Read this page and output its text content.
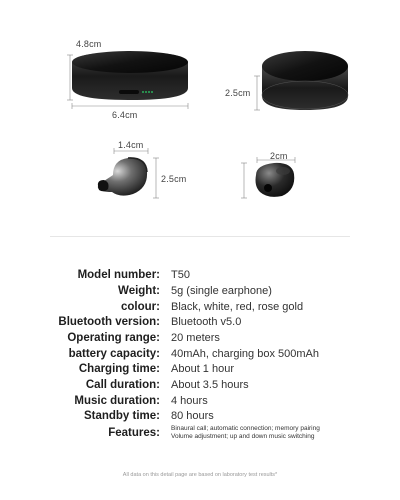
4.8cm
6.4cm
2.5cm
1.4cm
2.5cm
2cm
Model number: T50
Weight: 5g (single earphone)
colour: Black, white, red, rose gold
Bluetooth version: Bluetooth v5.0
Operating range: 20 meters
battery capacity: 40mAh, charging box 500mAh
Charging time: About 1 hour
Call duration: About 3.5 hours
Music duration: 4 hours
Standby time: 80 hours
Features: Binaural call; automatic connection; memory pairing
Volume adjustment; up and down music switching
All data on this detail page are based on laboratory test results*
